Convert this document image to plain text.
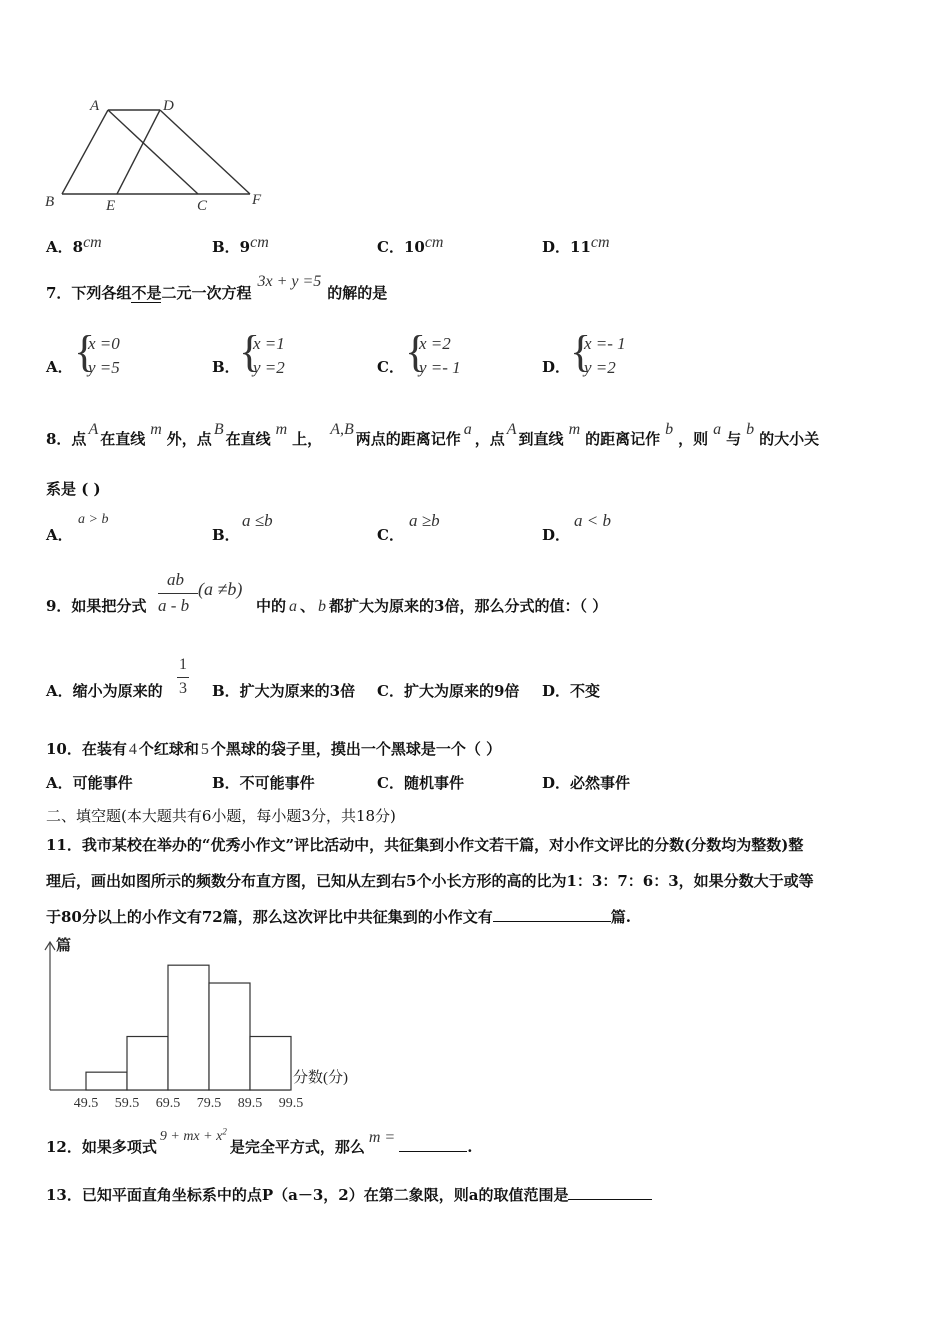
A	D
B	E	C	F
A．8cm	B．9cm	C．10cm	D．11cm
7．下列各组不是二元一次方程3x + y =5的解的是
A． {
x =0
y =5	B． {
x =1
y =2	C． {
x =2
y =- 1	D． {
x =- 1
y =2
8．点A在直线m外，点B在直线m上，A,B两点的距离记作a，点A到直线m的距离记作b，则a与b的大小关
系是 ( )
A．
a > b
B．
a ≤b
C．
a ≥b
D．
a < b
9．如果把分式
ab
a - b
(a ≠b)
中的 a 、 b 都扩大为原来的3倍，那么分式的值：（ ）
A．缩小为原来的
1
3 B．扩大为原来的3倍 C．扩大为原来的9倍 D．不变
10．在装有 4 个红球和 5 个黑球的袋子里，摸出一个黑球是一个（ ）
A．可能事件	B．不可能事件	C．随机事件	D．必然事件
二、填空题(本大题共有6小题，每小题3分，共18分)
11．我市某校在举办的“优秀小作文”评比活动中，共征集到小作文若干篇，对小作文评比的分数(分数均为整数)整
理后，画出如图所示的频数分布直方图，已知从左到右5个小长方形的高的比为1：3：7：6：3，如果分数大于或等
于80分以上的小作文有72篇，那么这次评比中共征集到的小作文有	篇.
篇
分数(分)
49.5 59.5 69.5 79.5 89.5 99.5
12．如果多项式9 + mx + $x^2$是完全平方式，那么m =.
13．已知平面直角坐标系中的点P（a－3，2）在第二象限，则a的取值范围是
